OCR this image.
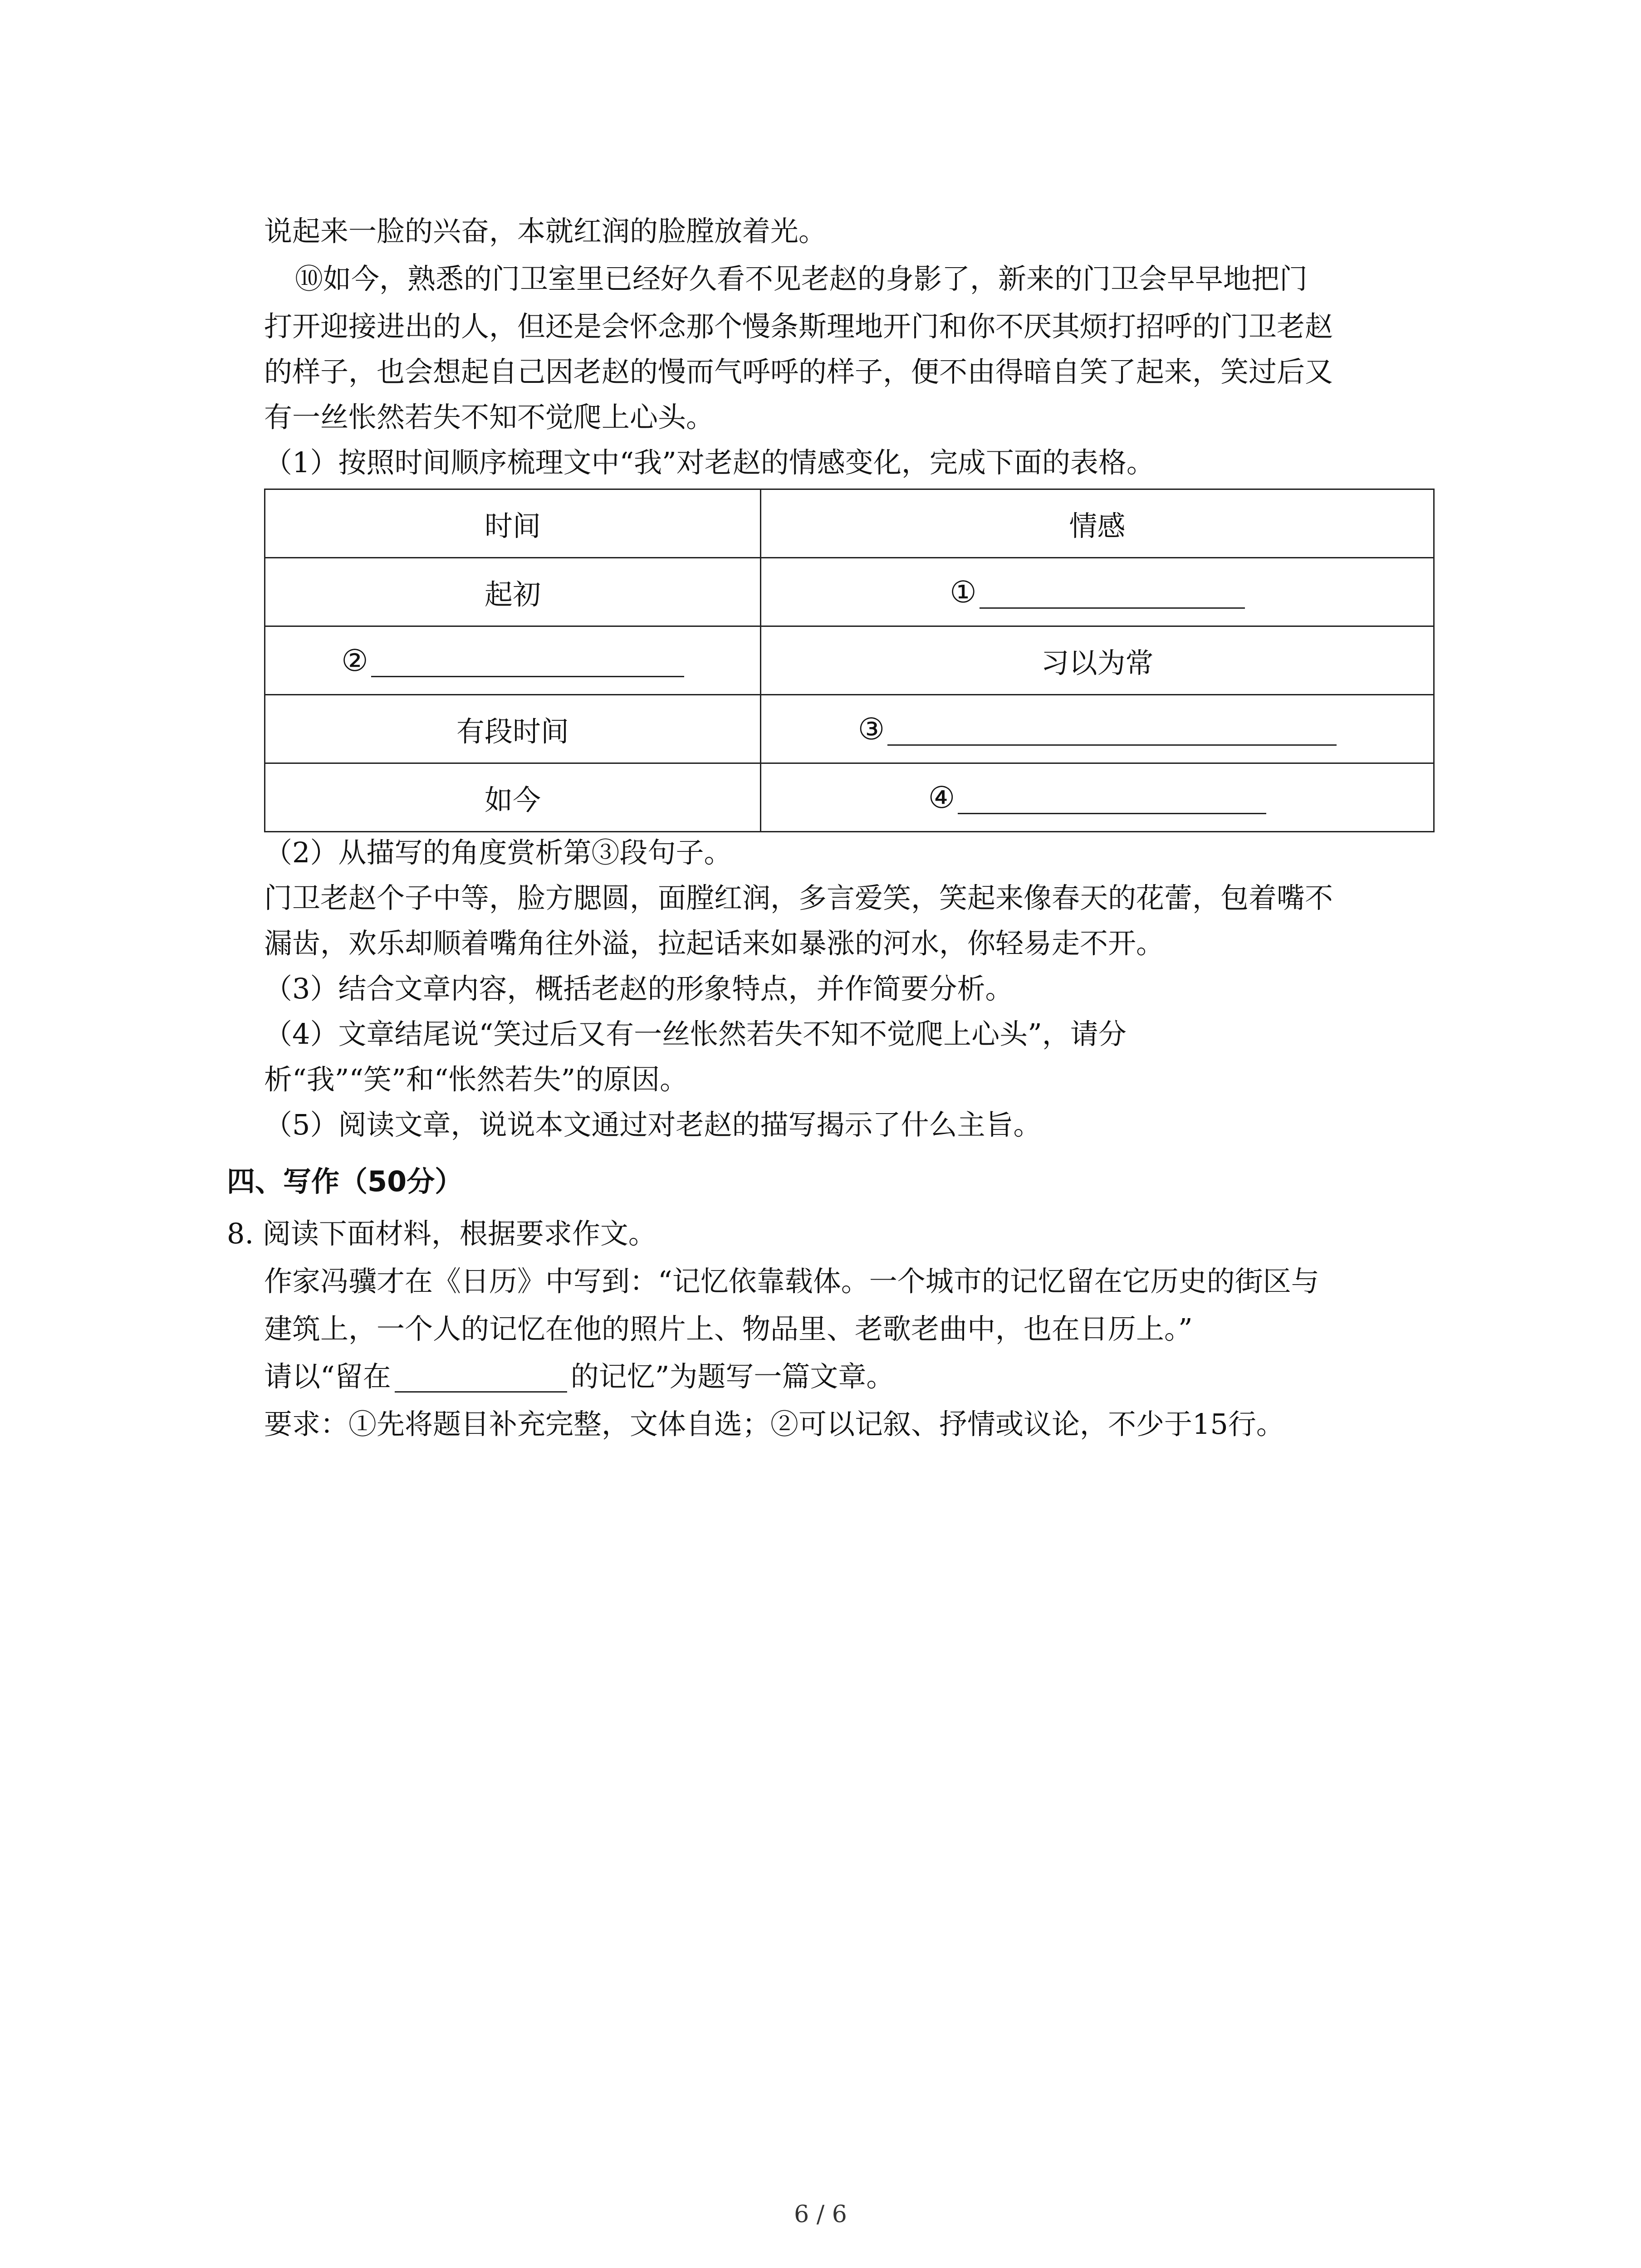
说起来一脸的兴奋，本就红润的脸膛放着光。
⑩如今，熟悉的门卫室里已经好久看不见老赵的身影了，新来的门卫会早早地把门
打开迎接进出的人，但还是会怀念那个慢条斯理地开门和你不厌其烦打招呼的门卫老赵
的样子，也会想起自己因老赵的慢而气呼呼的样子，便不由得暗自笑了起来，笑过后又
有一丝怅然若失不知不觉爬上心头。
（1）按照时间顺序梳理文中“我”对老赵的情感变化，完成下面的表格。
时间	情感
起初	①
②	习以为常
有段时间	③
如今	④
（2）从描写的角度赏析第③段句子。
门卫老赵个子中等，脸方腮圆，面膛红润，多言爱笑，笑起来像春天的花蕾，包着嘴不
漏齿，欢乐却顺着嘴角往外溢，拉起话来如暴涨的河水，你轻易走不开。
（3）结合文章内容，概括老赵的形象特点，并作简要分析。
（4）文章结尾说“笑过后又有一丝怅然若失不知不觉爬上心头”，请分
析“我”“笑”和“怅然若失”的原因。
（5）阅读文章，说说本文通过对老赵的描写揭示了什么主旨。
四、写作（50分）
8. 阅读下面材料，根据要求作文。
作家冯骥才在《日历》中写到：“记忆依靠载体。一个城市的记忆留在它历史的街区与
建筑上，一个人的记忆在他的照片上、物品里、老歌老曲中，也在日历上。”
请以“留在	的记忆”为题写一篇文章。
要求：①先将题目补充完整，文体自选；②可以记叙、抒情或议论，不少于15行。
6 / 6
